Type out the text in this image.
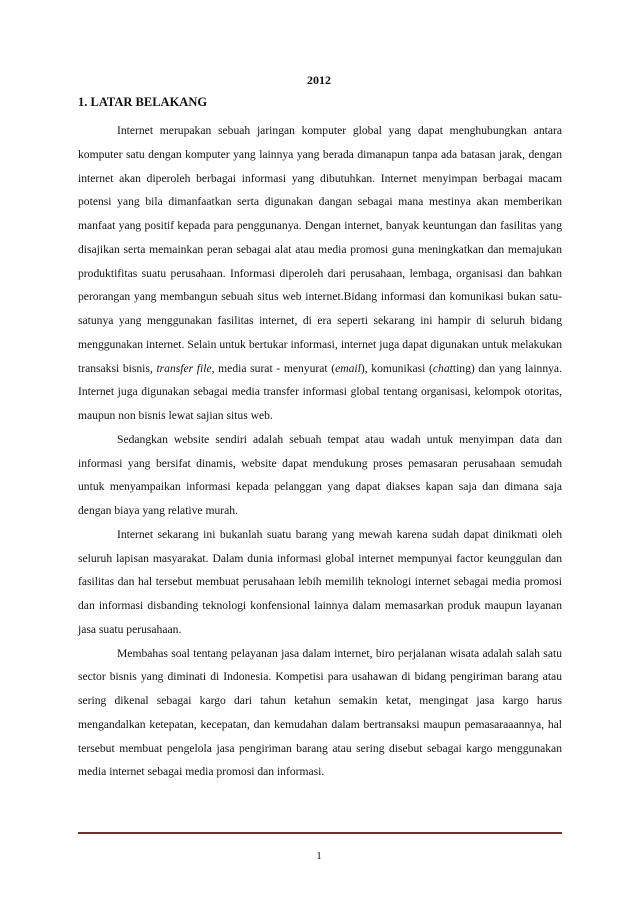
2012
1. LATAR BELAKANG

Internet merupakan sebuah jaringan komputer global yang dapat menghubungkan antara komputer satu dengan komputer yang lainnya yang berada dimanapun tanpa ada batasan jarak, dengan internet akan diperoleh berbagai informasi yang dibutuhkan. Internet menyimpan berbagai macam potensi yang bila dimanfaatkan serta digunakan dangan sebagai mana mestinya akan memberikan manfaat yang positif kepada para penggunanya. Dengan internet, banyak keuntungan dan fasilitas yang disajikan serta memainkan peran sebagai alat atau media promosi guna meningkatkan dan memajukan produktifitas suatu perusahaan. Informasi diperoleh dari perusahaan, lembaga, organisasi dan bahkan perorangan yang membangun sebuah situs web internet.Bidang informasi dan komunikasi bukan satu-satunya yang menggunakan fasilitas internet, di era seperti sekarang ini hampir di seluruh bidang menggunakan internet. Selain untuk bertukar informasi, internet juga dapat digunakan untuk melakukan transaksi bisnis, transfer file, media surat - menyurat (email), komunikasi (chatting) dan yang lainnya. Internet juga digunakan sebagai media transfer informasi global tentang organisasi, kelompok otoritas, maupun non bisnis lewat sajian situs web.

Sedangkan website sendiri adalah sebuah tempat atau wadah untuk menyimpan data dan informasi yang bersifat dinamis, website dapat mendukung proses pemasaran perusahaan semudah untuk menyampaikan informasi kepada pelanggan yang dapat diakses kapan saja dan dimana saja dengan biaya yang relative murah.

Internet sekarang ini bukanlah suatu barang yang mewah karena sudah dapat dinikmati oleh seluruh lapisan masyarakat. Dalam dunia informasi global internet mempunyai factor keunggulan dan fasilitas dan hal tersebut membuat perusahaan lebih memilih teknologi internet sebagai media promosi dan informasi disbanding teknologi konfensional lainnya dalam memasarkan produk maupun layanan jasa suatu perusahaan.

Membahas soal tentang pelayanan jasa dalam internet, biro perjalanan wisata adalah salah satu sector bisnis yang diminati di Indonesia. Kompetisi para usahawan di bidang pengiriman barang atau sering dikenal sebagai kargo dari tahun ketahun semakin ketat, mengingat jasa kargo harus mengandalkan ketepatan, kecepatan, dan kemudahan dalam bertransaksi maupun pemasaraaannya, hal tersebut membuat pengelola jasa pengiriman barang atau sering disebut sebagai kargo menggunakan media internet sebagai media promosi dan informasi.

1
